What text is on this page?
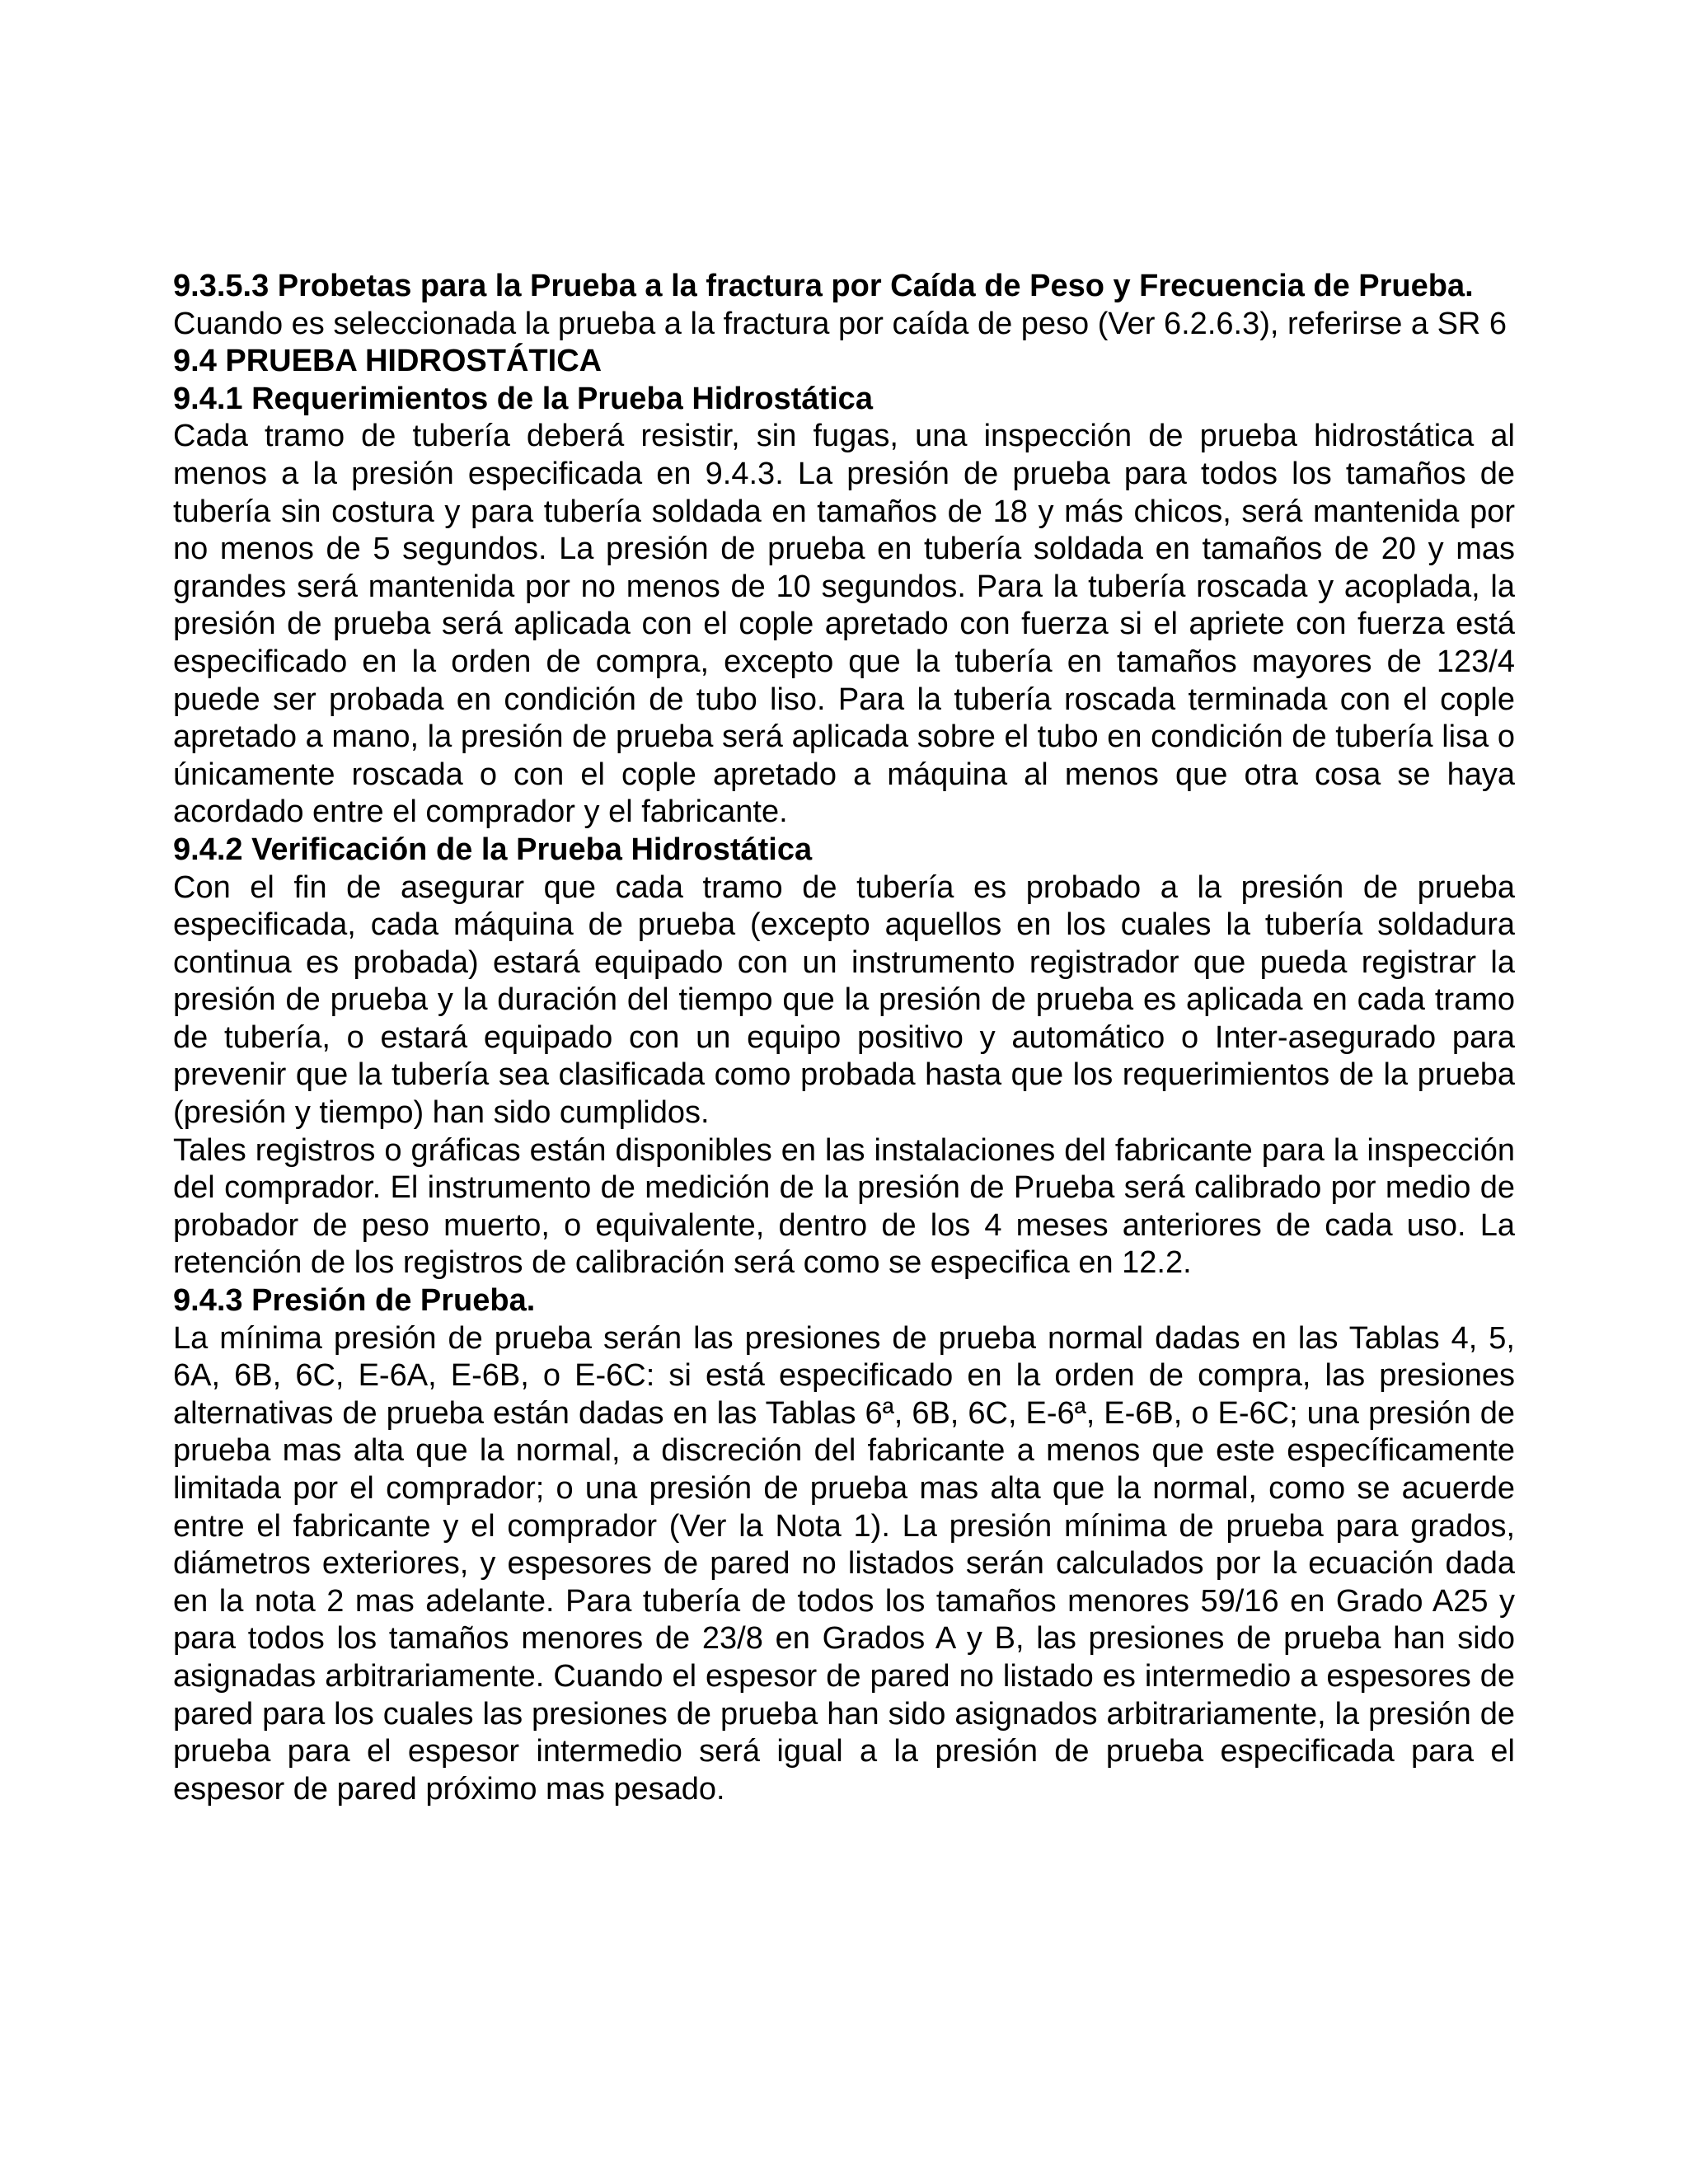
9.3.5.3 Probetas para la Prueba a la fractura por Caída de Peso y Frecuencia de Prueba.

Cuando es seleccionada la prueba a la fractura por caída de peso (Ver 6.2.6.3), referirse a SR 6

9.4 PRUEBA HIDROSTÁTICA
9.4.1 Requerimientos de la Prueba Hidrostática

Cada tramo de tubería deberá resistir, sin fugas, una inspección de prueba hidrostática al menos a la presión especificada en 9.4.3. La presión de prueba para todos los tamaños de tubería sin costura y para tubería soldada en tamaños de 18 y más chicos, será mantenida por no menos de 5 segundos. La presión de prueba en tubería soldada en tamaños de 20 y mas grandes será mantenida por no menos de 10 segundos. Para la tubería roscada y acoplada, la presión de prueba será aplicada con el cople apretado con fuerza si el apriete con fuerza está especificado en la orden de compra, excepto que la tubería en tamaños mayores de 123/4 puede ser probada en condición de tubo liso. Para la tubería roscada terminada con el cople apretado a mano, la presión de prueba será aplicada sobre el tubo en condición de tubería lisa o únicamente roscada o con el cople apretado a máquina al menos que otra cosa se haya acordado entre el comprador y el fabricante.

9.4.2 Verificación de la Prueba Hidrostática

Con el fin de asegurar que cada tramo de tubería es probado a la presión de prueba especificada, cada máquina de prueba (excepto aquellos en los cuales la tubería soldadura continua es probada) estará equipado con un instrumento registrador que pueda registrar la presión de prueba y la duración del tiempo que la presión de prueba es aplicada en cada tramo de tubería, o estará equipado con un equipo positivo y automático o Inter-asegurado para prevenir que la tubería sea clasificada como probada hasta que los requerimientos de la prueba (presión y tiempo) han sido cumplidos.

Tales registros o gráficas están disponibles en las instalaciones del fabricante para la inspección del comprador. El instrumento de medición de la presión de Prueba será calibrado por medio de probador de peso muerto, o equivalente, dentro de los 4 meses anteriores de cada uso. La retención de los registros de calibración será como se especifica en 12.2.

9.4.3 Presión de Prueba.

La mínima presión de prueba serán las presiones de prueba normal dadas en las Tablas 4, 5, 6A, 6B, 6C, E-6A, E-6B, o E-6C: si está especificado en la orden de compra, las presiones alternativas de prueba están dadas en las Tablas 6ª, 6B, 6C, E-6ª, E-6B, o E-6C; una presión de prueba mas alta que la normal, a discreción del fabricante a menos que este específicamente limitada por el comprador; o una presión de prueba mas alta que la normal, como se acuerde entre el fabricante y el comprador (Ver la Nota 1). La presión mínima de prueba para grados, diámetros exteriores, y espesores de pared no listados serán calculados por la ecuación dada en la nota 2 mas adelante. Para tubería de todos los tamaños menores 59/16 en Grado A25 y para todos los tamaños menores de 23/8 en Grados A y B, las presiones de prueba han sido asignadas arbitrariamente. Cuando el espesor de pared no listado es intermedio a espesores de pared para los cuales las presiones de prueba han sido asignados arbitrariamente, la presión de prueba para el espesor intermedio será igual a la presión de prueba especificada para el espesor de pared próximo mas pesado.
